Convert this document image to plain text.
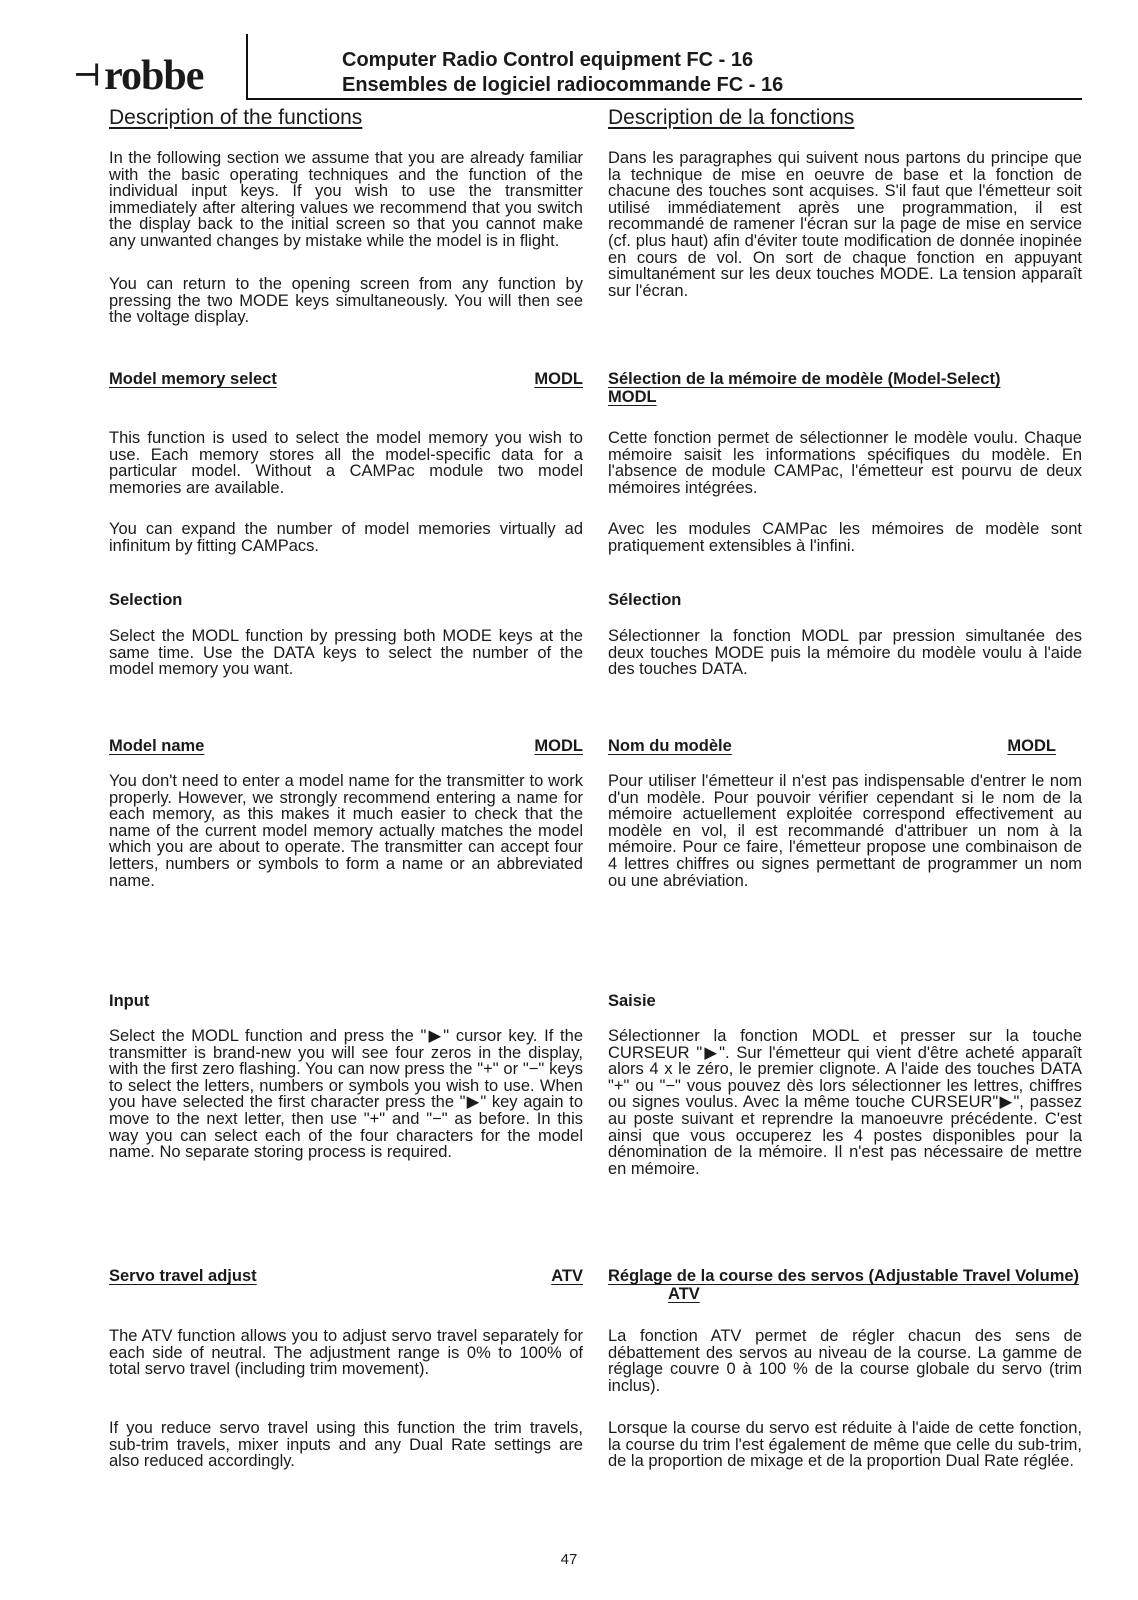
⊣ robbe	Computer Radio Control equipment FC - 16
Ensembles de logiciel radiocommande FC - 16
Description of the functions
In the following section we assume that you are already familiar with the basic operating techniques and the function of the individual input keys. If you wish to use the transmitter immediately after altering values we recommend that you switch the display back to the initial screen so that you cannot make any unwanted changes by mistake while the model is in flight.
You can return to the opening screen from any function by pressing the two MODE keys simultaneously. You will then see the voltage display.
Model memory select	MODL
This function is used to select the model memory you wish to use. Each memory stores all the model-specific data for a particular model. Without a CAMPac module two model memories are available.
You can expand the number of model memories virtually ad infinitum by fitting CAMPacs.
Selection
Select the MODL function by pressing both MODE keys at the same time. Use the DATA keys to select the number of the model memory you want.
Model name	MODL
You don't need to enter a model name for the transmitter to work properly. However, we strongly recommend entering a name for each memory, as this makes it much easier to check that the name of the current model memory actually matches the model which you are about to operate. The transmitter can accept four letters, numbers or symbols to form a name or an abbreviated name.
Input
Select the MODL function and press the "▶" cursor key. If the transmitter is brand-new you will see four zeros in the display, with the first zero flashing. You can now press the "+" or "−" keys to select the letters, numbers or symbols you wish to use. When you have selected the first character press the "▶" key again to move to the next letter, then use "+" and "−" as before. In this way you can select each of the four characters for the model name. No separate storing process is required.
Servo travel adjust	ATV
The ATV function allows you to adjust servo travel separately for each side of neutral. The adjustment range is 0% to 100% of total servo travel (including trim movement).
If you reduce servo travel using this function the trim travels, sub-trim travels, mixer inputs and any Dual Rate settings are also reduced accordingly.
Description de la fonctions
Dans les paragraphes qui suivent nous partons du principe que la technique de mise en oeuvre de base et la fonction de chacune des touches sont acquises. S'il faut que l'émetteur soit utilisé immédiatement après une programmation, il est recommandé de ramener l'écran sur la page de mise en service (cf. plus haut) afin d'éviter toute modification de donnée inopinée en cours de vol. On sort de chaque fonction en appuyant simultanément sur les deux touches MODE. La tension apparaît sur l'écran.
Sélection de la mémoire de modèle (Model-Select)
MODL
Cette fonction permet de sélectionner le modèle voulu. Chaque mémoire saisit les informations spécifiques du modèle. En l'absence de module CAMPac, l'émetteur est pourvu de deux mémoires intégrées.
Avec les modules CAMPac les mémoires de modèle sont pratiquement extensibles à l'infini.
Sélection
Sélectionner la fonction MODL par pression simultanée des deux touches MODE puis la mémoire du modèle voulu à l'aide des touches DATA.
Nom du modèle	MODL
Pour utiliser l'émetteur il n'est pas indispensable d'entrer le nom d'un modèle. Pour pouvoir vérifier cependant si le nom de la mémoire actuellement exploitée correspond effectivement au modèle en vol, il est recommandé d'attribuer un nom à la mémoire. Pour ce faire, l'émetteur propose une combinaison de 4 lettres chiffres ou signes permettant de programmer un nom ou une abréviation.
Saisie
Sélectionner la fonction MODL et presser sur la touche CURSEUR "▶". Sur l'émetteur qui vient d'être acheté apparaît alors 4 x le zéro, le premier clignote. A l'aide des touches DATA "+" ou "−" vous pouvez dès lors sélectionner les lettres, chiffres ou signes voulus. Avec la même touche CURSEUR"▶", passez au poste suivant et reprendre la manoeuvre précédente. C'est ainsi que vous occuperez les 4 postes disponibles pour la dénomination de la mémoire. Il n'est pas nécessaire de mettre en mémoire.
Réglage de la course des servos (Adjustable Travel Volume) ATV
La fonction ATV permet de régler chacun des sens de débattement des servos au niveau de la course. La gamme de réglage couvre 0 à 100 % de la course globale du servo (trim inclus).
Lorsque la course du servo est réduite à l'aide de cette fonction, la course du trim l'est également de même que celle du sub-trim, de la proportion de mixage et de la proportion Dual Rate réglée.
47
